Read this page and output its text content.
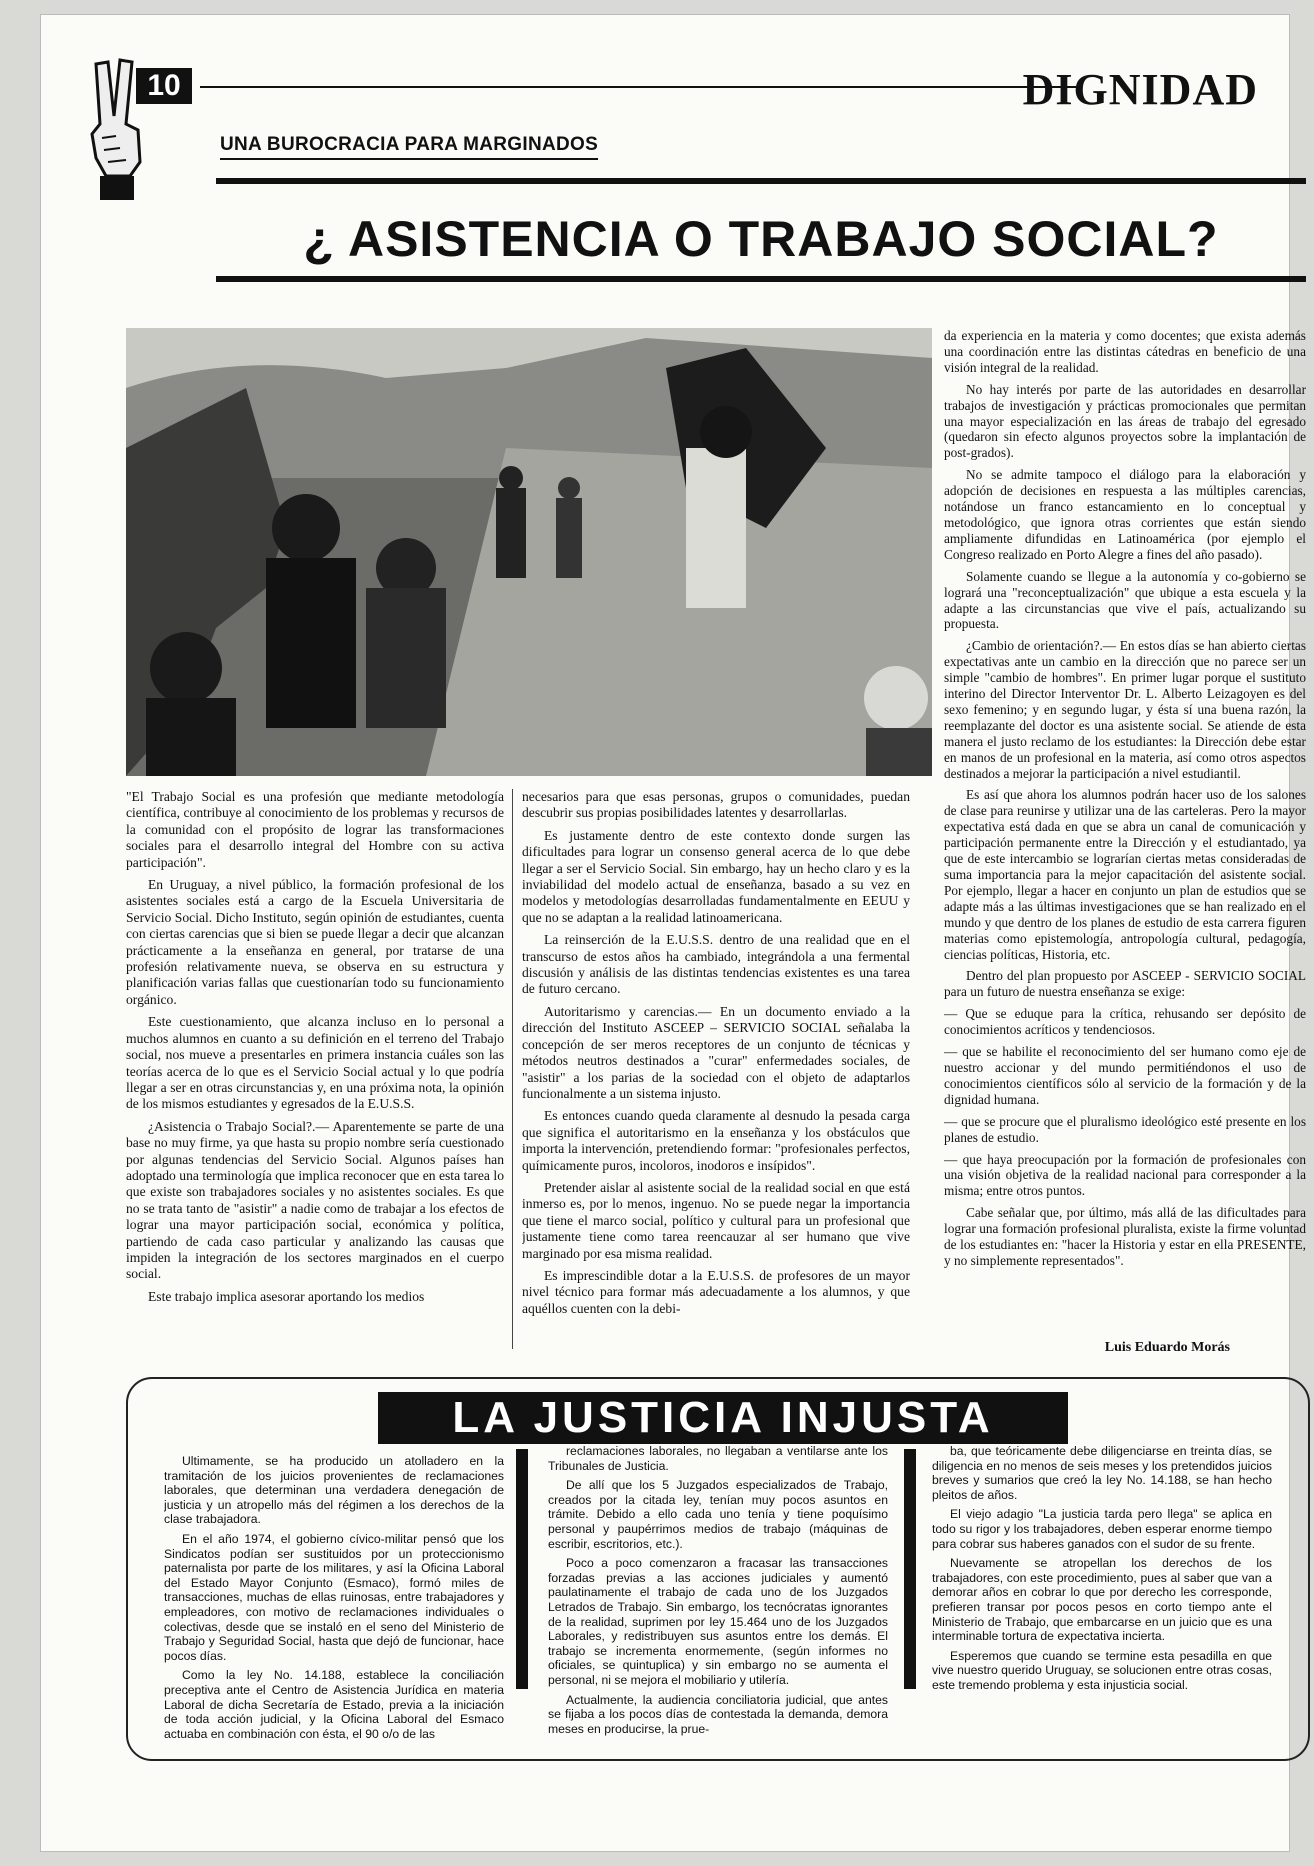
10	DIGNIDAD
UNA BUROCRACIA PARA MARGINADOS
¿ ASISTENCIA O TRABAJO SOCIAL?

"El Trabajo Social es una profesión que mediante metodología científica, contribuye al conocimiento de los problemas y recursos de la comunidad con el propósito de lograr las transformaciones sociales para el desarrollo integral del Hombre con su activa participación".

En Uruguay, a nivel público, la formación profesional de los asistentes sociales está a cargo de la Escuela Universitaria de Servicio Social. Dicho Instituto, según opinión de estudiantes, cuenta con ciertas carencias que si bien se puede llegar a decir que alcanzan prácticamente a la enseñanza en general, por tratarse de una profesión relativamente nueva, se observa en su estructura y planificación varias fallas que cuestionarían todo su funcionamiento orgánico.

Este cuestionamiento, que alcanza incluso en lo personal a muchos alumnos en cuanto a su definición en el terreno del Trabajo social, nos mueve a presentarles en primera instancia cuáles son las teorías acerca de lo que es el Servicio Social actual y lo que podría llegar a ser en otras circunstancias y, en una próxima nota, la opinión de los mismos estudiantes y egresados de la E.U.S.S.

¿Asistencia o Trabajo Social?.— Aparentemente se parte de una base no muy firme, ya que hasta su propio nombre sería cuestionado por algunas tendencias del Servicio Social. Algunos países han adoptado una terminología que implica reconocer que en esta tarea lo que existe son trabajadores sociales y no asistentes sociales. Es que no se trata tanto de "asistir" a nadie como de trabajar a los efectos de lograr una mayor participación social, económica y política, partiendo de cada caso particular y analizando las causas que impiden la integración de los sectores marginados en el cuerpo social.

Este trabajo implica asesorar aportando los medios

necesarios para que esas personas, grupos o comunidades, puedan descubrir sus propias posibilidades latentes y desarrollarlas.

Es justamente dentro de este contexto donde surgen las dificultades para lograr un consenso general acerca de lo que debe llegar a ser el Servicio Social. Sin embargo, hay un hecho claro y es la inviabilidad del modelo actual de enseñanza, basado a su vez en modelos y metodologías desarrolladas fundamentalmente en EEUU y que no se adaptan a la realidad latinoamericana.

La reinserción de la E.U.S.S. dentro de una realidad que en el transcurso de estos años ha cambiado, integrándola a una fermental discusión y análisis de las distintas tendencias existentes es una tarea de futuro cercano.

Autoritarismo y carencias.— En un documento enviado a la dirección del Instituto ASCEEP – SERVICIO SOCIAL señalaba la concepción de ser meros receptores de un conjunto de técnicas y métodos neutros destinados a "curar" enfermedades sociales, de "asistir" a los parias de la sociedad con el objeto de adaptarlos funcionalmente a un sistema injusto.

Es entonces cuando queda claramente al desnudo la pesada carga que significa el autoritarismo en la enseñanza y los obstáculos que importa la intervención, pretendiendo formar: "profesionales perfectos, químicamente puros, incoloros, inodoros e insípidos".

Pretender aislar al asistente social de la realidad social en que está inmerso es, por lo menos, ingenuo. No se puede negar la importancia que tiene el marco social, político y cultural para un profesional que justamente tiene como tarea reencauzar al ser humano que vive marginado por esa misma realidad.

Es imprescindible dotar a la E.U.S.S. de profesores de un mayor nivel técnico para formar más adecuadamente a los alumnos, y que aquéllos cuenten con la debi-

da experiencia en la materia y como docentes; que exista además una coordinación entre las distintas cátedras en beneficio de una visión integral de la realidad.

No hay interés por parte de las autoridades en desarrollar trabajos de investigación y prácticas promocionales que permitan una mayor especialización en las áreas de trabajo del egresado (quedaron sin efecto algunos proyectos sobre la implantación de post-grados).

No se admite tampoco el diálogo para la elaboración y adopción de decisiones en respuesta a las múltiples carencias, notándose un franco estancamiento en lo conceptual y metodológico, que ignora otras corrientes que están siendo ampliamente difundidas en Latinoamérica (por ejemplo el Congreso realizado en Porto Alegre a fines del año pasado).

Solamente cuando se llegue a la autonomía y co-gobierno se logrará una "reconceptualización" que ubique a esta escuela y la adapte a las circunstancias que vive el país, actualizando su propuesta.

¿Cambio de orientación?.— En estos días se han abierto ciertas expectativas ante un cambio en la dirección que no parece ser un simple "cambio de hombres". En primer lugar porque el sustituto interino del Director Interventor Dr. L. Alberto Leizagoyen es del sexo femenino; y en segundo lugar, y ésta sí una buena razón, la reemplazante del doctor es una asistente social. Se atiende de esta manera el justo reclamo de los estudiantes: la Dirección debe estar en manos de un profesional en la materia, así como otros aspectos destinados a mejorar la participación a nivel estudiantil.

Es así que ahora los alumnos podrán hacer uso de los salones de clase para reunirse y utilizar una de las carteleras. Pero la mayor expectativa está dada en que se abra un canal de comunicación y participación permanente entre la Dirección y el estudiantado, ya que de este intercambio se lograrían ciertas metas consideradas de suma importancia para la mejor capacitación del asistente social. Por ejemplo, llegar a hacer en conjunto un plan de estudios que se adapte más a las últimas investigaciones que se han realizado en el mundo y que dentro de los planes de estudio de esta carrera figuren materias como epistemología, antropología cultural, pedagogía, ciencias políticas, Historia, etc.

Dentro del plan propuesto por ASCEEP - SERVICIO SOCIAL para un futuro de nuestra enseñanza se exige:

— Que se eduque para la crítica, rehusando ser depósito de conocimientos acríticos y tendenciosos.

— que se habilite el reconocimiento del ser humano como eje de nuestro accionar y del mundo permitiéndonos el uso de conocimientos científicos sólo al servicio de la formación y de la dignidad humana.

— que se procure que el pluralismo ideológico esté presente en los planes de estudio.

— que haya preocupación por la formación de profesionales con una visión objetiva de la realidad nacional para corresponder a la misma; entre otros puntos.

Cabe señalar que, por último, más allá de las dificultades para lograr una formación profesional pluralista, existe la firme voluntad de los estudiantes en: "hacer la Historia y estar en ella PRESENTE, y no simplemente representados".

Luis Eduardo Morás
LA JUSTICIA INJUSTA

Ultimamente, se ha producido un atolladero en la tramitación de los juicios provenientes de reclamaciones laborales, que determinan una verdadera denegación de justicia y un atropello más del régimen a los derechos de la clase trabajadora.

En el año 1974, el gobierno cívico-militar pensó que los Sindicatos podían ser sustituidos por un proteccionismo paternalista por parte de los militares, y así la Oficina Laboral del Estado Mayor Conjunto (Esmaco), formó miles de transacciones, muchas de ellas ruinosas, entre trabajadores y empleadores, con motivo de reclamaciones individuales o colectivas, desde que se instaló en el seno del Ministerio de Trabajo y Seguridad Social, hasta que dejó de funcionar, hace pocos días.

Como la ley No. 14.188, establece la conciliación preceptiva ante el Centro de Asistencia Jurídica en materia Laboral de dicha Secretaría de Estado, previa a la iniciación de toda acción judicial, y la Oficina Laboral del Esmaco actuaba en combinación con ésta, el 90 o/o de las

reclamaciones laborales, no llegaban a ventilarse ante los Tribunales de Justicia.

De allí que los 5 Juzgados especializados de Trabajo, creados por la citada ley, tenían muy pocos asuntos en trámite. Debido a ello cada uno tenía y tiene poquísimo personal y paupérrimos medios de trabajo (máquinas de escribir, escritorios, etc.).

Poco a poco comenzaron a fracasar las transacciones forzadas previas a las acciones judiciales y aumentó paulatinamente el trabajo de cada uno de los Juzgados Letrados de Trabajo. Sin embargo, los tecnócratas ignorantes de la realidad, suprimen por ley 15.464 uno de los Juzgados Laborales, y redistribuyen sus asuntos entre los demás. El trabajo se incrementa enormemente, (según informes no oficiales, se quintuplica) y sin embargo no se aumenta el personal, ni se mejora el mobiliario y utilería.

Actualmente, la audiencia conciliatoria judicial, que antes se fijaba a los pocos días de contestada la demanda, demora meses en producirse, la prue-

ba, que teóricamente debe diligenciarse en treinta días, se diligencia en no menos de seis meses y los pretendidos juicios breves y sumarios que creó la ley No. 14.188, se han hecho pleitos de años.

El viejo adagio "La justicia tarda pero llega" se aplica en todo su rigor y los trabajadores, deben esperar enorme tiempo para cobrar sus haberes ganados con el sudor de su frente.

Nuevamente se atropellan los derechos de los trabajadores, con este procedimiento, pues al saber que van a demorar años en cobrar lo que por derecho les corresponde, prefieren transar por pocos pesos en corto tiempo ante el Ministerio de Trabajo, que embarcarse en un juicio que es una interminable tortura de expectativa incierta.

Esperemos que cuando se termine esta pesadilla en que vive nuestro querido Uruguay, se solucionen entre otras cosas, este tremendo problema y esta injusticia social.
